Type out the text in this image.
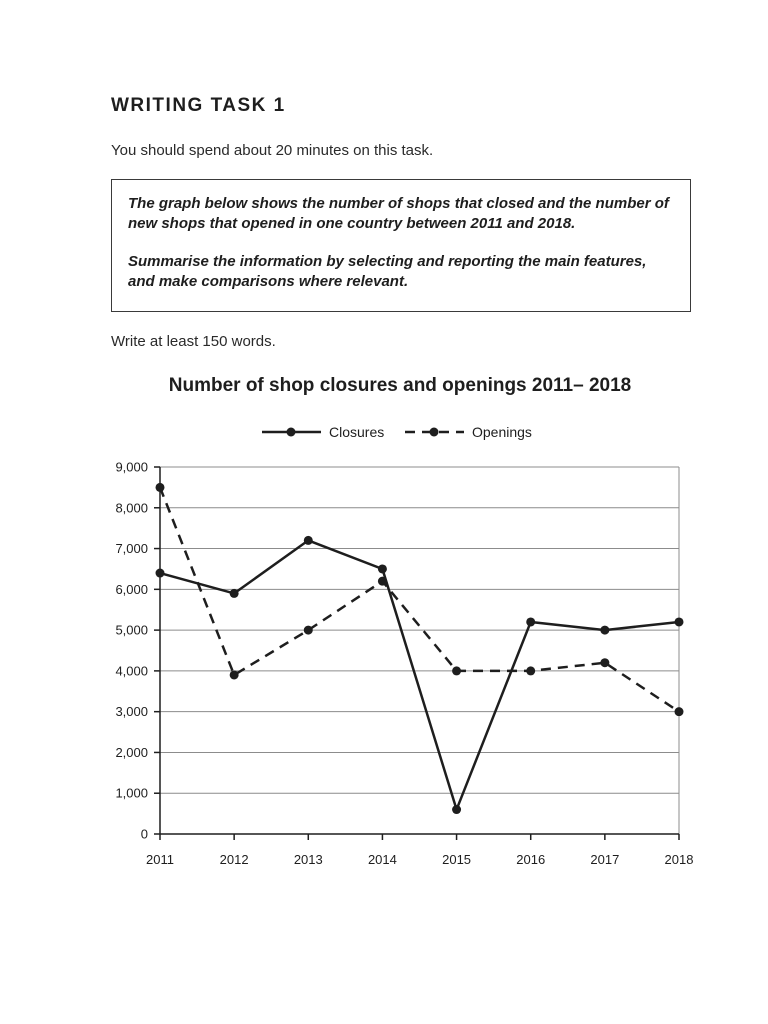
WRITING TASK 1

You should spend about 20 minutes on this task.

The graph below shows the number of shops that closed and the number of new shops that opened in one country between 2011 and 2018.

Summarise the information by selecting and reporting the main features, and make comparisons where relevant.

Write at least 150 words.

Number of shop closures and openings 2011– 2018
Closures	Openings
0
1,000
2,000
3,000
4,000
5,000
6,000
7,000
8,000
9,000
2011	2012	2013	2014	2015	2016	2017	2018
